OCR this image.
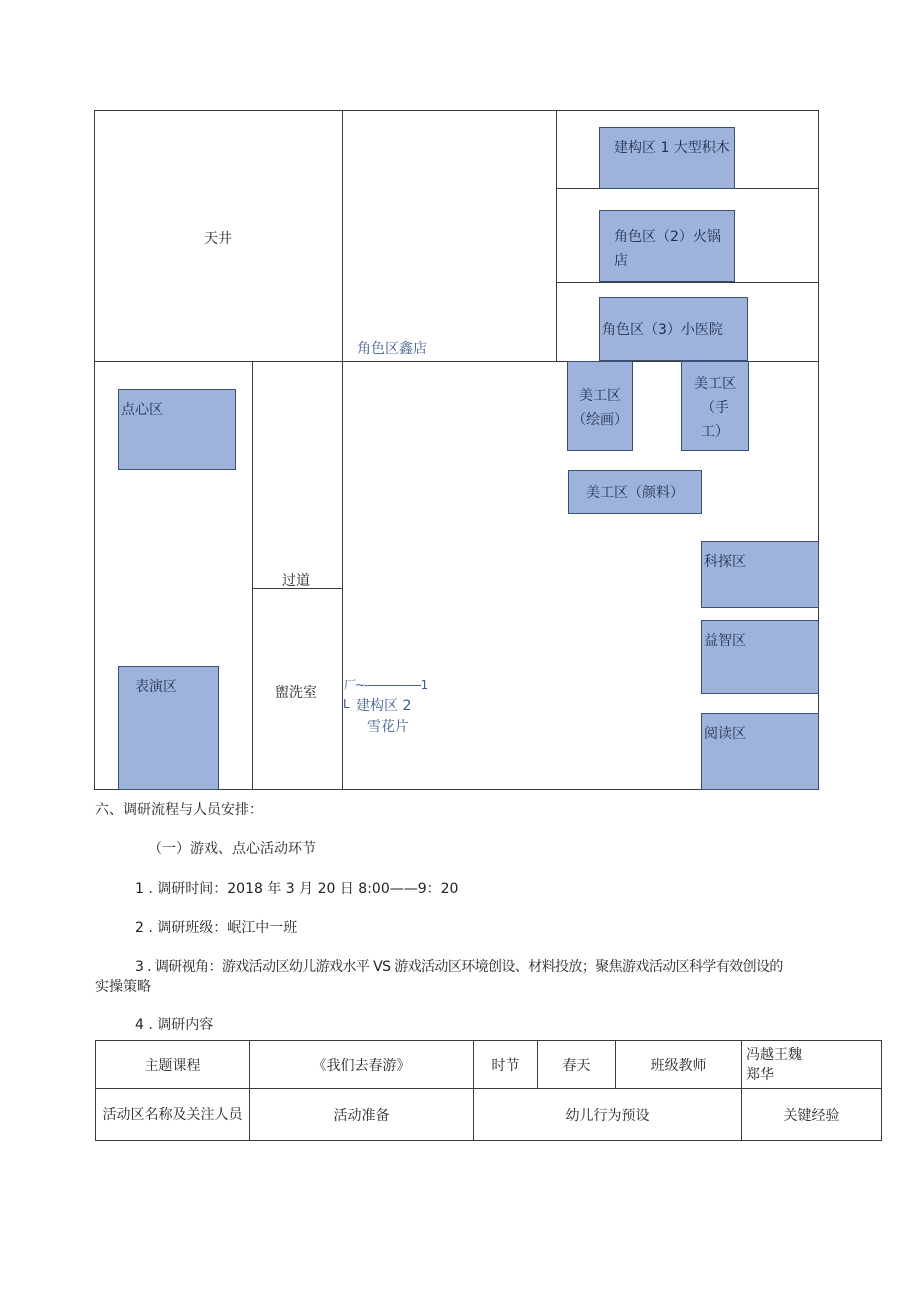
天井
角色区鑫店
过道
盥洗室
建构区 1 大型积木
角色区（2）火锅店
角色区（3）小医院
美工区
（绘画）
美工区
（手
工）
美工区（颜料）
点心区
表演区
科探区
益智区
阅读区
厂~-----------------1
L 建构区 2
雪花片
六、调研流程与人员安排：
（一）游戏、点心活动环节
1 . 调研时间：2018 年 3 月 20 日 8:00——9：20
2 . 调研班级：岷江中一班
3 . 调研视角：游戏活动区幼儿游戏水平 VS 游戏活动区环境创设、材料投放；聚焦游戏活动区科学有效创设的
实操策略
4 . 调研内容
主题课程	《我们去春游》	时节	春天	班级教师	冯越王魏
郑华

活动区名称及关注人员	活动准备	幼儿行为预设			关键经验
